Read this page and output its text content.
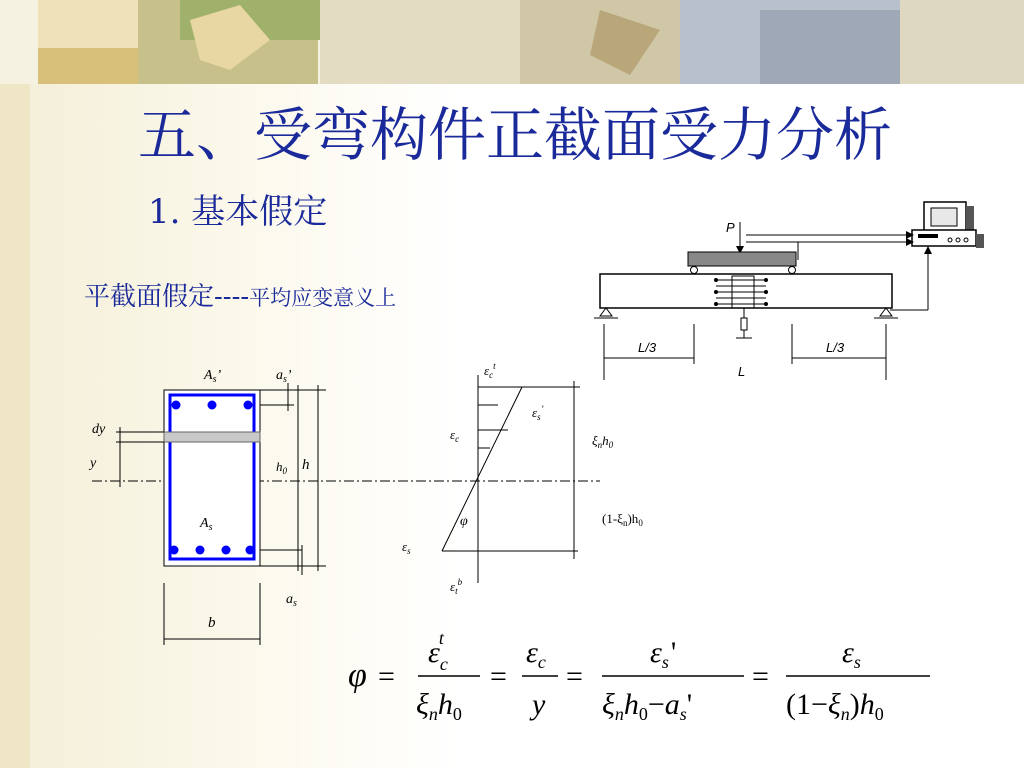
五、受弯构件正截面受力分析
1. 基本假定
平截面假定----平均应变意义上
P
L/3	L/3
L
$A_s$’
$A_s$
dy
y
$a_s$’
$h_0$ h
$a_s$
b
$\varepsilon_c^t$
$\varepsilon_s^’$
$\varepsilon_c$	$\xi_nh_0$
φ	$(1-\xi_n)h_0$
$\varepsilon_s$
$\varepsilon_t^b$
φ =
$\varepsilon_ct$
$\xi_nh_0$
=
$\varepsilon_c$
y
=
$\varepsilon_s'$
$\xi_nh_0-a_s'$
=
$\varepsilon_s$
$(1-\xi_n)h_0$
